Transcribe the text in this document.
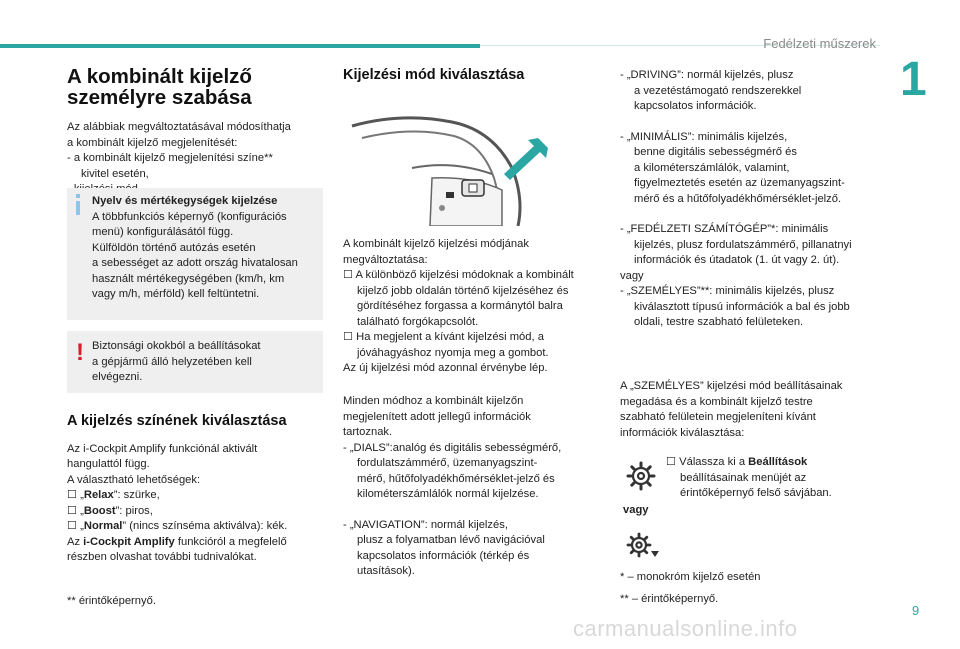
Fedélzeti műszerek
1
A kombinált kijelző
személyre szabása

Az alábbiak megváltoztatásával módosíthatja

a kombinált kijelző megjelenítését:

- a kombinált kijelző megjelenítési színe**

kivitel esetén,

Nyelv és mértékegységek kijelzése

A többfunkciós képernyő (konfigurációs

menü) konfigurálásától függ.

Külföldön történő autózás esetén

a sebességet az adott ország hivatalosan

használt mértékegységében (km/h, km

vagy m/h, mérföld) kell feltüntetni.

! Biztonsági okokból a beállításokat

a gépjármű álló helyzetében kell

elvégezni.

A kijelzés színének kiválasztása

Az i-Cockpit Amplify funkciónál aktivált

hangulattól függ.

A választható lehetőségek:

☐ „Relax”: szürke,

☐ „Boost”: piros,

☐ „Normal” (nincs színséma aktiválva): kék.

Az i-Cockpit Amplify funkcióról a megfelelő

részben olvashat további tudnivalókat.

** érintőképernyő.
Kijelzési mód kiválasztása

A kombinált kijelző kijelzési módjának

megváltoztatása:

☐ A különböző kijelzési módoknak a kombinált

kijelző jobb oldalán történő kijelzéséhez és

gördítéséhez forgassa a kormánytól balra

található forgókapcsolót.

☐ Ha megjelent a kívánt kijelzési mód, a

jóváhagyáshoz nyomja meg a gombot.

Az új kijelzési mód azonnal érvénybe lép.

Minden módhoz a kombinált kijelzőn

megjelenített adott jellegű információk

tartoznak.

- „DIALS”:analóg és digitális sebességmérő,

fordulatszámmérő, üzemanyagszint-

mérő, hűtőfolyadékhőmérséklet-jelző és

kilométerszámlálók normál kijelzése.

- „NAVIGATION”: normál kijelzés,

plusz a folyamatban lévő navigációval

kapcsolatos információk (térkép és

utasítások).

- „DRIVING”: normál kijelzés, plusz

a vezetéstámogató rendszerekkel

kapcsolatos információk.

- „MINIMÁLIS”: minimális kijelzés,

benne digitális sebességmérő és

a kilométerszámlálók, valamint,

figyelmeztetés esetén az üzemanyagszint-

mérő és a hűtőfolyadékhőmérséklet-jelző.

- „FEDÉLZETI SZÁMÍTÓGÉP”*: minimális

kijelzés, plusz fordulatszámmérő, pillanatnyi

információk és útadatok (1. út vagy 2. út).

vagy

- „SZEMÉLYES”**: minimális kijelzés, plusz

kiválasztott típusú információk a bal és jobb

oldali, testre szabható felületeken.

A „SZEMÉLYES” kijelzési mód beállításainak

megadása és a kombinált kijelző testre

szabható felületein megjeleníteni kívánt

információk kiválasztása:

vagy

☐ Válassza ki a Beállítások

beállításainak menüjét az

érintőképernyő felső sávjában.

* – monokróm kijelző esetén

** – érintőképernyő.

9
carmanualsonline.info
